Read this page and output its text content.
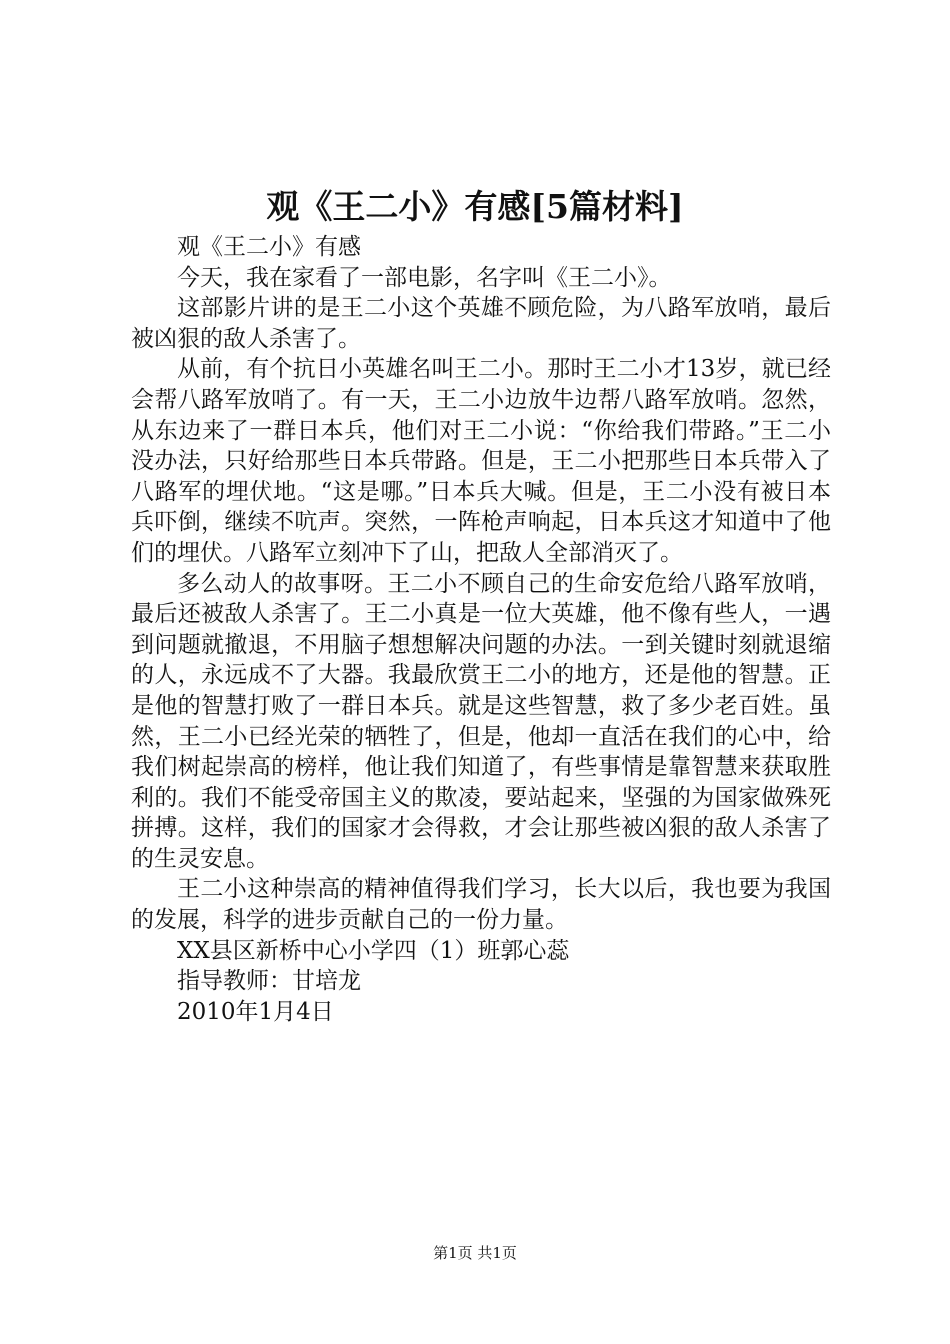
观《王二小》有感[5篇材料]

观《王二小》有感

今天，我在家看了一部电影，名字叫《王二小》。

这部影片讲的是王二小这个英雄不顾危险，为八路军放哨，最后被凶狠的敌人杀害了。

从前，有个抗日小英雄名叫王二小。那时王二小才13岁，就已经会帮八路军放哨了。有一天，王二小边放牛边帮八路军放哨。忽然，从东边来了一群日本兵，他们对王二小说：“你给我们带路。”王二小没办法，只好给那些日本兵带路。但是，王二小把那些日本兵带入了八路军的埋伏地。“这是哪。”日本兵大喊。但是，王二小没有被日本兵吓倒，继续不吭声。突然，一阵枪声响起，日本兵这才知道中了他们的埋伏。八路军立刻冲下了山，把敌人全部消灭了。

多么动人的故事呀。王二小不顾自己的生命安危给八路军放哨，最后还被敌人杀害了。王二小真是一位大英雄，他不像有些人，一遇到问题就撤退，不用脑子想想解决问题的办法。一到关键时刻就退缩的人，永远成不了大器。我最欣赏王二小的地方，还是他的智慧。正是他的智慧打败了一群日本兵。就是这些智慧，救了多少老百姓。虽然，王二小已经光荣的牺牲了，但是，他却一直活在我们的心中，给我们树起崇高的榜样，他让我们知道了，有些事情是靠智慧来获取胜利的。我们不能受帝国主义的欺凌，要站起来，坚强的为国家做殊死拼搏。这样，我们的国家才会得救，才会让那些被凶狠的敌人杀害了的生灵安息。

王二小这种崇高的精神值得我们学习，长大以后，我也要为我国的发展，科学的进步贡献自己的一份力量。

XX县区新桥中心小学四（1）班郭心蕊

指导教师：甘培龙

2010年1月4日

第1页 共1页
